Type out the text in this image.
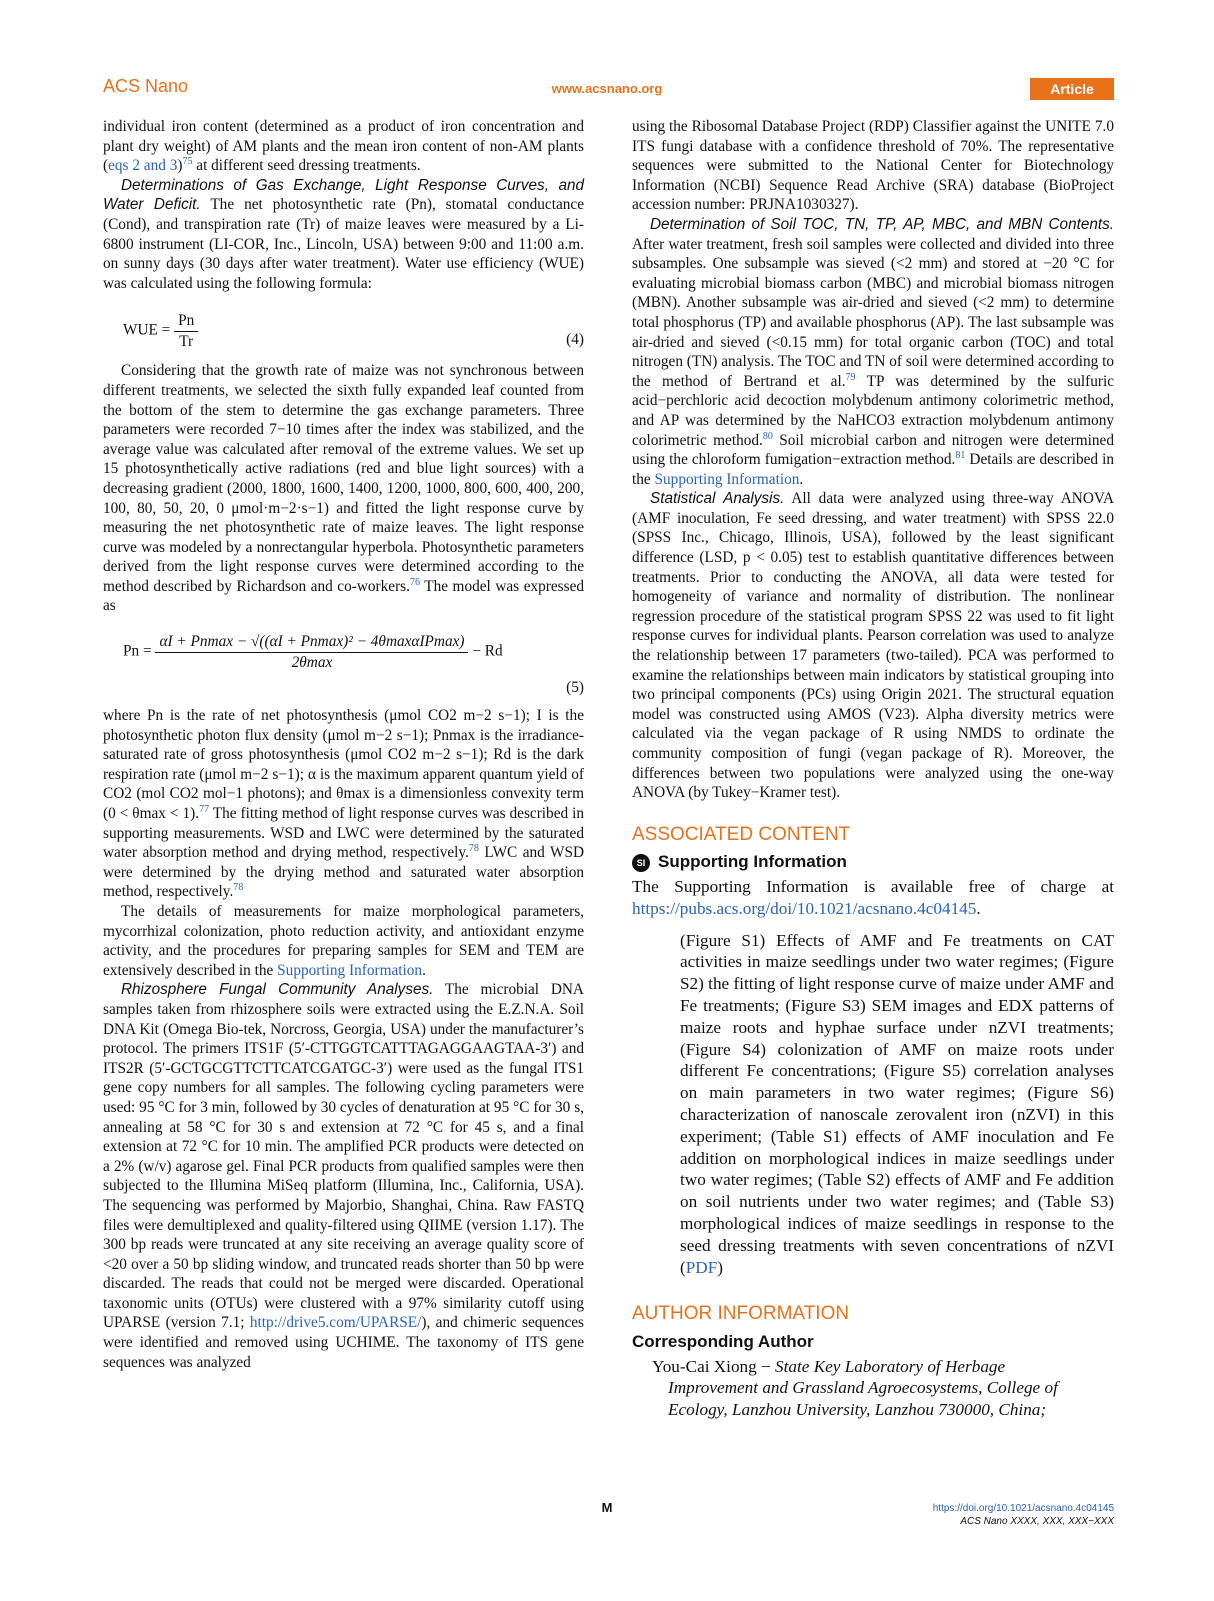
ACS Nano	www.acsnano.org	Article

individual iron content (determined as a product of iron concentration and plant dry weight) of AM plants and the mean iron content of non-AM plants (eqs 2 and 3)$^{75}$ at different seed dressing treatments.

Determinations of Gas Exchange, Light Response Curves, and Water Deficit. The net photosynthetic rate (Pn), stomatal conductance (Cond), and transpiration rate (Tr) of maize leaves were measured by a Li-6800 instrument (LI-COR, Inc., Lincoln, USA) between 9:00 and 11:00 a.m. on sunny days (30 days after water treatment). Water use efficiency (WUE) was calculated using the following formula:

WUE = $\frac{Pn}{Tr}$	(4)

Considering that the growth rate of maize was not synchronous between different treatments, we selected the sixth fully expanded leaf counted from the bottom of the stem to determine the gas exchange parameters. Three parameters were recorded 7−10 times after the index was stabilized, and the average value was calculated after removal of the extreme values. We set up 15 photosynthetically active radiations (red and blue light sources) with a decreasing gradient (2000, 1800, 1600, 1400, 1200, 1000, 800, 600, 400, 200, 100, 80, 50, 20, 0 μmol·m−2·s−1) and fitted the light response curve by measuring the net photosynthetic rate of maize leaves. The light response curve was modeled by a nonrectangular hyperbola. Photosynthetic parameters derived from the light response curves were determined according to the method described by Richardson and co-workers.$^{76}$ The model was expressed as

$Pn = \frac{\text{αI + Pnmax − √((αI + Pnmax)² − 4θmaxαIPmax)}}{2\theta\max} - Rd$
(5)

where Pn is the rate of net photosynthesis (μmol CO2 m−2 s−1); I is the photosynthetic photon flux density (μmol m−2 s−1); Pnmax is the irradiance-saturated rate of gross photosynthesis (μmol CO2 m−2 s−1); Rd is the dark respiration rate (μmol m−2 s−1); α is the maximum apparent quantum yield of CO2 (mol CO2 mol−1 photons); and θmax is a dimensionless convexity term (0 < θmax < 1).$^{77}$ The fitting method of light response curves was described in supporting measurements. WSD and LWC were determined by the saturated water absorption method and drying method, respectively.$^{78}$ LWC and WSD were determined by the drying method and saturated water absorption method, respectively.$^{78}$

The details of measurements for maize morphological parameters, mycorrhizal colonization, photo reduction activity, and antioxidant enzyme activity, and the procedures for preparing samples for SEM and TEM are extensively described in the Supporting Information.

Rhizosphere Fungal Community Analyses. The microbial DNA samples taken from rhizosphere soils were extracted using the E.Z.N.A. Soil DNA Kit (Omega Bio-tek, Norcross, Georgia, USA) under the manufacturer’s protocol. The primers ITS1F (5′-CTTGGTCATTTAGAGGAAGTAA-3′) and ITS2R (5′-GCTGCGTTCTTCATCGATGC-3′) were used as the fungal ITS1 gene copy numbers for all samples. The following cycling parameters were used: 95 °C for 3 min, followed by 30 cycles of denaturation at 95 °C for 30 s, annealing at 58 °C for 30 s and extension at 72 °C for 45 s, and a final extension at 72 °C for 10 min. The amplified PCR products were detected on a 2% (w/v) agarose gel. Final PCR products from qualified samples were then subjected to the Illumina MiSeq platform (Illumina, Inc., California, USA). The sequencing was performed by Majorbio, Shanghai, China. Raw FASTQ files were demultiplexed and quality-filtered using QIIME (version 1.17). The 300 bp reads were truncated at any site receiving an average quality score of <20 over a 50 bp sliding window, and truncated reads shorter than 50 bp were discarded. The reads that could not be merged were discarded. Operational taxonomic units (OTUs) were clustered with a 97% similarity cutoff using UPARSE (version 7.1; http://drive5.com/UPARSE/), and chimeric sequences were identified and removed using UCHIME. The taxonomy of ITS gene sequences was analyzed

using the Ribosomal Database Project (RDP) Classifier against the UNITE 7.0 ITS fungi database with a confidence threshold of 70%. The representative sequences were submitted to the National Center for Biotechnology Information (NCBI) Sequence Read Archive (SRA) database (BioProject accession number: PRJNA1030327).

Determination of Soil TOC, TN, TP, AP, MBC, and MBN Contents. After water treatment, fresh soil samples were collected and divided into three subsamples. One subsample was sieved (<2 mm) and stored at −20 °C for evaluating microbial biomass carbon (MBC) and microbial biomass nitrogen (MBN). Another subsample was air-dried and sieved (<2 mm) to determine total phosphorus (TP) and available phosphorus (AP). The last subsample was air-dried and sieved (<0.15 mm) for total organic carbon (TOC) and total nitrogen (TN) analysis. The TOC and TN of soil were determined according to the method of Bertrand et al.$^{79}$ TP was determined by the sulfuric acid−perchloric acid decoction molybdenum antimony colorimetric method, and AP was determined by the NaHCO3 extraction molybdenum antimony colorimetric method.$^{80}$ Soil microbial carbon and nitrogen were determined using the chloroform fumigation−extraction method.$^{81}$ Details are described in the Supporting Information.

Statistical Analysis. All data were analyzed using three-way ANOVA (AMF inoculation, Fe seed dressing, and water treatment) with SPSS 22.0 (SPSS Inc., Chicago, Illinois, USA), followed by the least significant difference (LSD, p < 0.05) test to establish quantitative differences between treatments. Prior to conducting the ANOVA, all data were tested for homogeneity of variance and normality of distribution. The nonlinear regression procedure of the statistical program SPSS 22 was used to fit light response curves for individual plants. Pearson correlation was used to analyze the relationship between 17 parameters (two-tailed). PCA was performed to examine the relationships between main indicators by statistical grouping into two principal components (PCs) using Origin 2021. The structural equation model was constructed using AMOS (V23). Alpha diversity metrics were calculated via the vegan package of R using NMDS to ordinate the community composition of fungi (vegan package of R). Moreover, the differences between two populations were analyzed using the one-way ANOVA (by Tukey−Kramer test).

ASSOCIATED CONTENT
SI Supporting Information

The Supporting Information is available free of charge at https://pubs.acs.org/doi/10.1021/acsnano.4c04145.

(Figure S1) Effects of AMF and Fe treatments on CAT activities in maize seedlings under two water regimes; (Figure S2) the fitting of light response curve of maize under AMF and Fe treatments; (Figure S3) SEM images and EDX patterns of maize roots and hyphae surface under nZVI treatments; (Figure S4) colonization of AMF on maize roots under different Fe concentrations; (Figure S5) correlation analyses on main parameters in two water regimes; (Figure S6) characterization of nanoscale zerovalent iron (nZVI) in this experiment; (Table S1) effects of AMF inoculation and Fe addition on morphological indices in maize seedlings under two water regimes; (Table S2) effects of AMF and Fe addition on soil nutrients under two water regimes; and (Table S3) morphological indices of maize seedlings in response to the seed dressing treatments with seven concentrations of nZVI (PDF)

AUTHOR INFORMATION
Corresponding Author
You-Cai Xiong − State Key Laboratory of Herbage
Improvement and Grassland Agroecosystems, College of
Ecology, Lanzhou University, Lanzhou 730000, China;
M	https://doi.org/10.1021/acsnano.4c04145
ACS Nano XXXX, XXX, XXX−XXX
